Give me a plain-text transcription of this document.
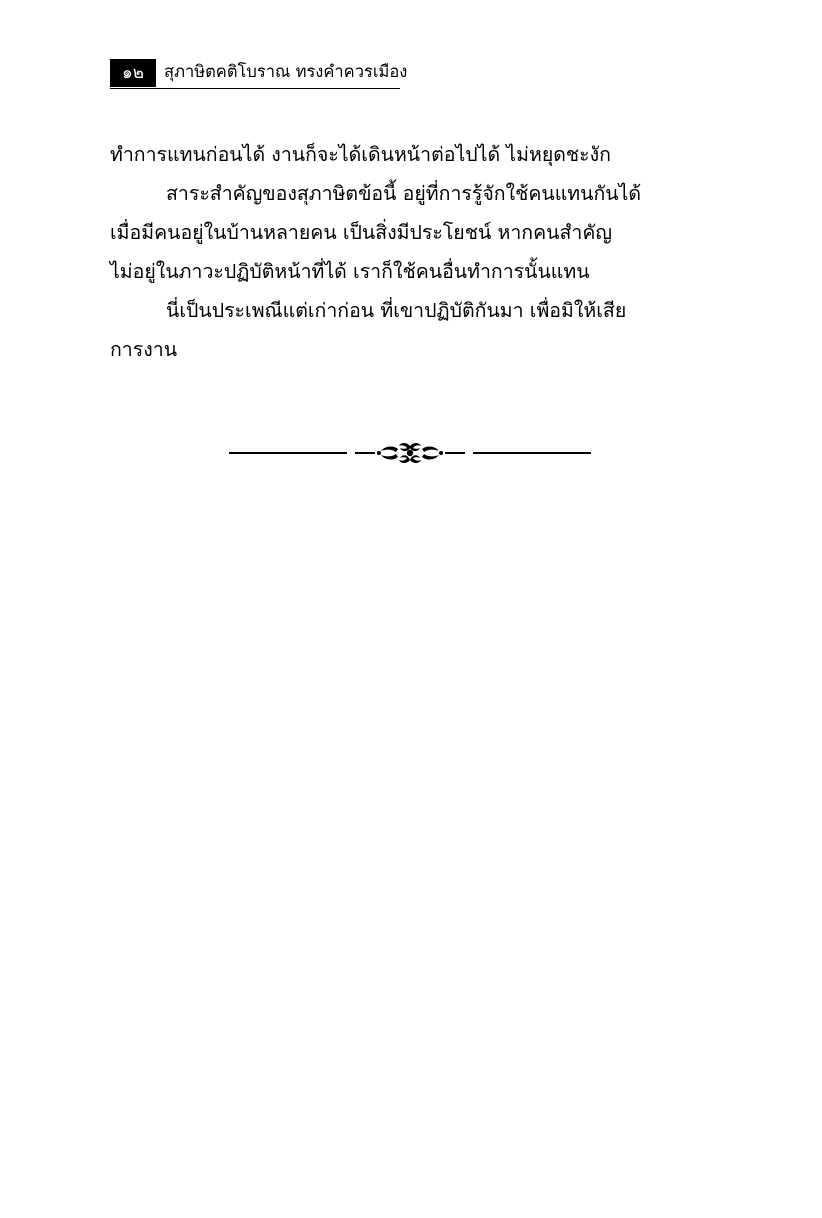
๑๒	สุภาษิตคติโบราณ ทรงคำควรเมือง

ทำการแทนก่อนได้ งานก็จะได้เดินหน้าต่อไปได้ ไม่หยุดชะงัก

สาระสำคัญของสุภาษิตข้อนี้ อยู่ที่การรู้จักใช้คนแทนกันได้

เมื่อมีคนอยู่ในบ้านหลายคน เป็นสิ่งมีประโยชน์ หากคนสำคัญ

ไม่อยู่ในภาวะปฏิบัติหน้าที่ได้ เราก็ใช้คนอื่นทำการนั้นแทน

นี่เป็นประเพณีแต่เก่าก่อน ที่เขาปฏิบัติกันมา เพื่อมิให้เสีย

การงาน
